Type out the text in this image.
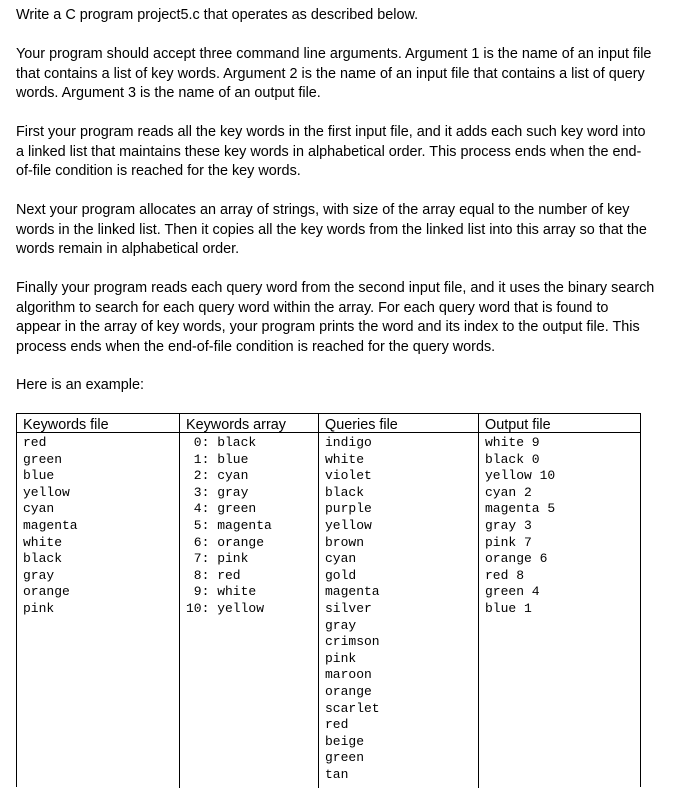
Write a C program project5.c that operates as described below.

Your program should accept three command line arguments. Argument 1 is the name of an input file that contains a list of key words. Argument 2 is the name of an input file that contains a list of query words. Argument 3 is the name of an output file.

First your program reads all the key words in the first input file, and it adds each such key word into a linked list that maintains these key words in alphabetical order. This process ends when the end-of-file condition is reached for the key words.

Next your program allocates an array of strings, with size of the array equal to the number of key words in the linked list. Then it copies all the key words from the linked list into this array so that the words remain in alphabetical order.

Finally your program reads each query word from the second input file, and it uses the binary search algorithm to search for each query word within the array. For each query word that is found to appear in the array of key words, your program prints the word and its index to the output file. This process ends when the end-of-file condition is reached for the query words.

Here is an example:

Keywords file
red
green
blue
yellow
cyan
magenta
white
black
gray
orange
pink
Keywords array
0: black
1: blue
2: cyan
3: gray
4: green
5: magenta
6: orange
7: pink
8: red
9: white
10: yellow
Queries file
indigo
white
violet
black
purple
yellow
brown
cyan
gold
magenta
silver
gray
crimson
pink
maroon
orange
scarlet
red
beige
green
tan
Output file
white 9
black 0
yellow 10
cyan 2
magenta 5
gray 3
pink 7
orange 6
red 8
green 4
blue 1
